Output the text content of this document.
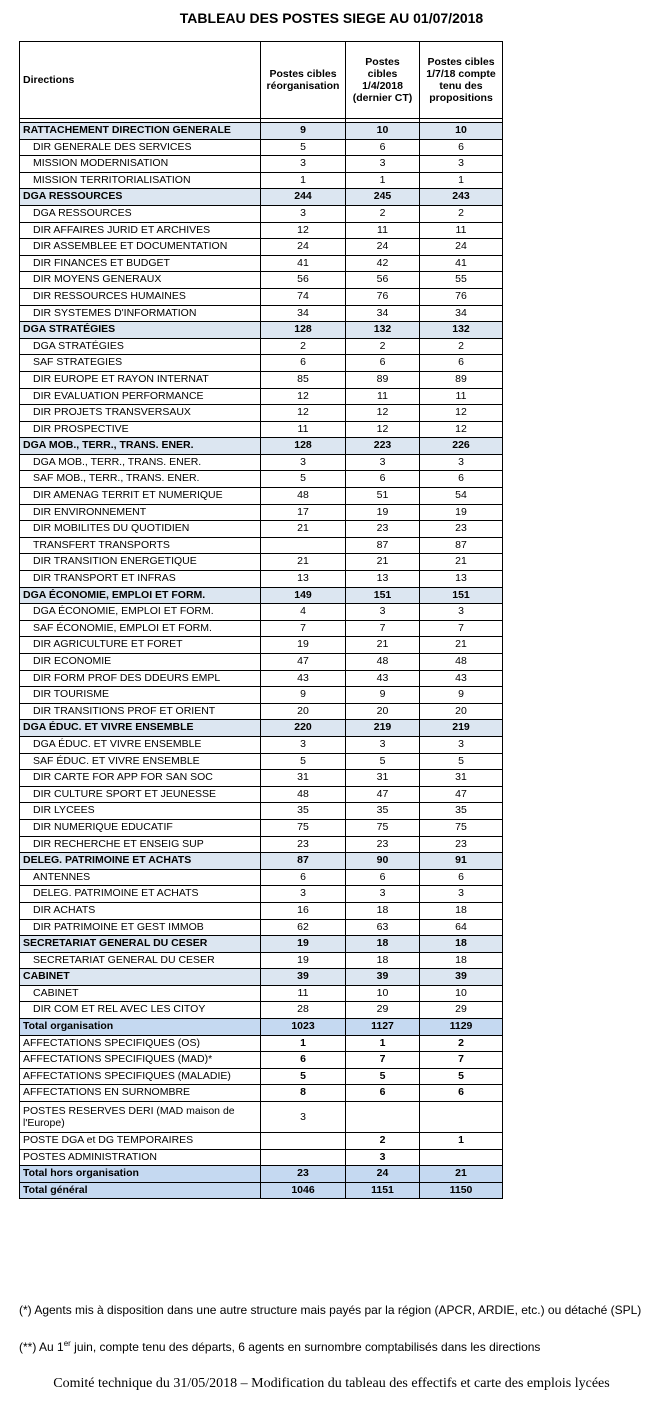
TABLEAU DES POSTES SIEGE AU 01/07/2018
Directions	Postes cibles réorganisation	Postes cibles 1/4/2018 (dernier CT)	Postes cibles 1/7/18 compte tenu des propositions

RATTACHEMENT DIRECTION GENERALE	9	10	10
DIR GENERALE DES SERVICES	5	6	6
MISSION MODERNISATION	3	3	3
MISSION TERRITORIALISATION	1	1	1
DGA RESSOURCES	244	245	243
DGA RESSOURCES	3	2	2
DIR AFFAIRES JURID ET ARCHIVES	12	11	11
DIR ASSEMBLEE ET DOCUMENTATION	24	24	24
DIR FINANCES ET BUDGET	41	42	41
DIR MOYENS GENERAUX	56	56	55
DIR RESSOURCES HUMAINES	74	76	76
DIR SYSTEMES D'INFORMATION	34	34	34
DGA STRATÉGIES	128	132	132
DGA STRATÉGIES	2	2	2
SAF STRATEGIES	6	6	6
DIR EUROPE ET RAYON INTERNAT	85	89	89
DIR EVALUATION PERFORMANCE	12	11	11
DIR PROJETS TRANSVERSAUX	12	12	12
DIR PROSPECTIVE	11	12	12
DGA MOB., TERR., TRANS. ENER.	128	223	226
DGA MOB., TERR., TRANS. ENER.	3	3	3
SAF MOB., TERR., TRANS. ENER.	5	6	6
DIR AMENAG TERRIT ET NUMERIQUE	48	51	54
DIR ENVIRONNEMENT	17	19	19
DIR MOBILITES DU QUOTIDIEN	21	23	23
TRANSFERT TRANSPORTS		87	87
DIR TRANSITION ENERGETIQUE	21	21	21
DIR TRANSPORT ET INFRAS	13	13	13
DGA ÉCONOMIE, EMPLOI ET FORM.	149	151	151
DGA ÉCONOMIE, EMPLOI ET FORM.	4	3	3
SAF ÉCONOMIE, EMPLOI ET FORM.	7	7	7
DIR AGRICULTURE ET FORET	19	21	21
DIR ECONOMIE	47	48	48
DIR FORM PROF DES DDEURS EMPL	43	43	43
DIR TOURISME	9	9	9
DIR TRANSITIONS PROF ET ORIENT	20	20	20
DGA ÉDUC. ET VIVRE ENSEMBLE	220	219	219
DGA ÉDUC. ET VIVRE ENSEMBLE	3	3	3
SAF ÉDUC. ET VIVRE ENSEMBLE	5	5	5
DIR CARTE FOR APP FOR SAN SOC	31	31	31
DIR CULTURE SPORT ET JEUNESSE	48	47	47
DIR LYCEES	35	35	35
DIR NUMERIQUE EDUCATIF	75	75	75
DIR RECHERCHE ET ENSEIG SUP	23	23	23
DELEG. PATRIMOINE ET ACHATS	87	90	91
ANTENNES	6	6	6
DELEG. PATRIMOINE ET ACHATS	3	3	3
DIR ACHATS	16	18	18
DIR PATRIMOINE ET GEST IMMOB	62	63	64
SECRETARIAT GENERAL DU CESER	19	18	18
SECRETARIAT GENERAL DU CESER	19	18	18
CABINET	39	39	39
CABINET	11	10	10
DIR COM ET REL AVEC LES CITOY	28	29	29
Total organisation	1023	1127	1129
AFFECTATIONS SPECIFIQUES (OS)	1	1	2
AFFECTATIONS SPECIFIQUES (MAD)*	6	7	7
AFFECTATIONS SPECIFIQUES (MALADIE)	5	5	5
AFFECTATIONS EN SURNOMBRE	8	6	6
POSTES RESERVES DERI (MAD maison de l'Europe)	3		
POSTE DGA et DG TEMPORAIRES		2	1
POSTES ADMINISTRATION		3	
Total hors organisation	23	24	21
Total général	1046	1151	1150
(*) Agents mis à disposition dans une autre structure mais payés par la région (APCR, ARDIE, etc.) ou détaché (SPL)
(**) Au 1er juin, compte tenu des départs, 6 agents en surnombre comptabilisés dans les directions
Comité technique du 31/05/2018 – Modification du tableau des effectifs et carte des emplois lycées
